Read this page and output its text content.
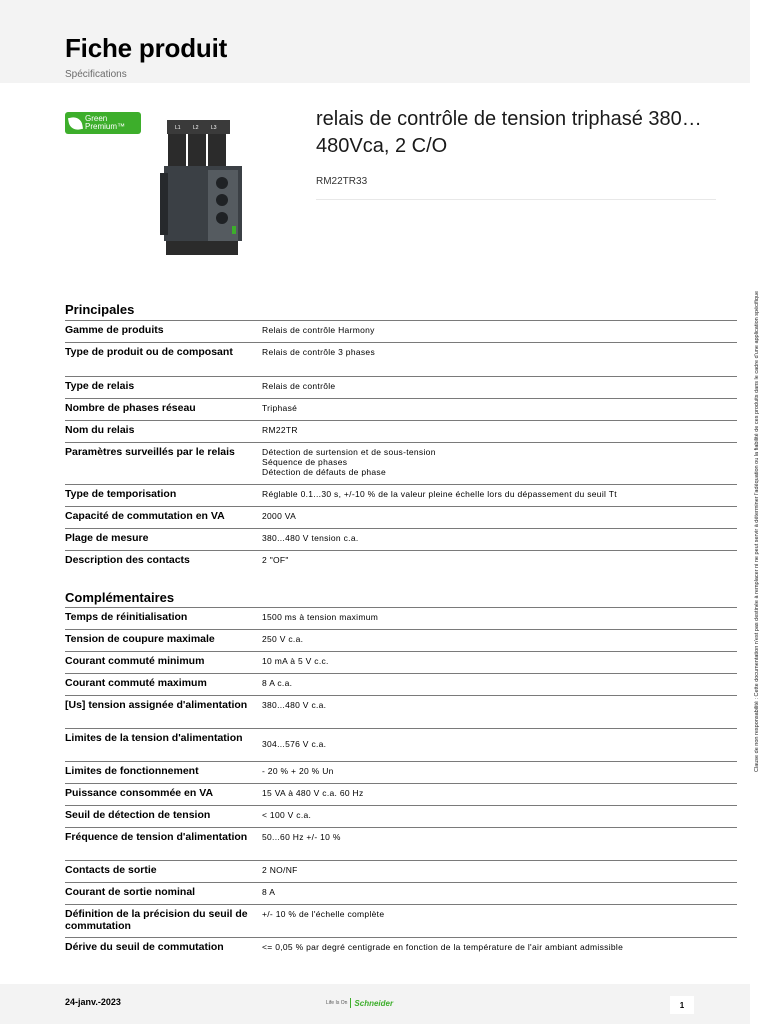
Fiche produit
Spécifications
Green
Premium™	L1 L2 L3	relais de contrôle de tension triphasé 380…480Vca, 2 C/O
RM22TR33
Principales
Gamme de produits	Relais de contrôle Harmony
Type de produit ou de composant	Relais de contrôle 3 phases
Type de relais	Relais de contrôle
Nombre de phases réseau	Triphasé
Nom du relais	RM22TR
Paramètres surveillés par le relais	Détection de surtension et de sous-tension
Séquence de phases
Détection de défauts de phase
Type de temporisation	Réglable 0.1...30 s, +/-10 % de la valeur pleine échelle lors du dépassement du seuil Tt
Capacité de commutation en VA	2000 VA
Plage de mesure	380...480 V tension c.a.
Description des contacts	2 "OF"
Complémentaires
Temps de réinitialisation	1500 ms à tension maximum
Tension de coupure maximale	250 V c.a.
Courant commuté minimum	10 mA à 5 V c.c.
Courant commuté maximum	8 A c.a.
[Us] tension assignée d'alimentation	380...480 V c.a.
Limites de la tension d'alimentation	304...576 V c.a.
Limites de fonctionnement	- 20 % + 20 % Un
Puissance consommée en VA	15 VA à 480 V c.a. 60 Hz
Seuil de détection de tension	< 100 V c.a.
Fréquence de tension d'alimentation	50...60 Hz +/- 10 %
Contacts de sortie	2 NO/NF
Courant de sortie nominal	8 A
Définition de la précision du seuil de commutation	+/- 10 % de l'échelle complète
Dérive du seuil de commutation	<= 0,05 % par degré centigrade en fonction de la température de l'air ambiant admissible
Clause de non responsabilité : Cette documentation n'est pas destinée à remplacer ni ne peut servir à déterminer l'adéquation ou la fiabilité de ces produits dans le cadre d'une application spécifique
24-janv.-2023	Life Is On Schneider	1
